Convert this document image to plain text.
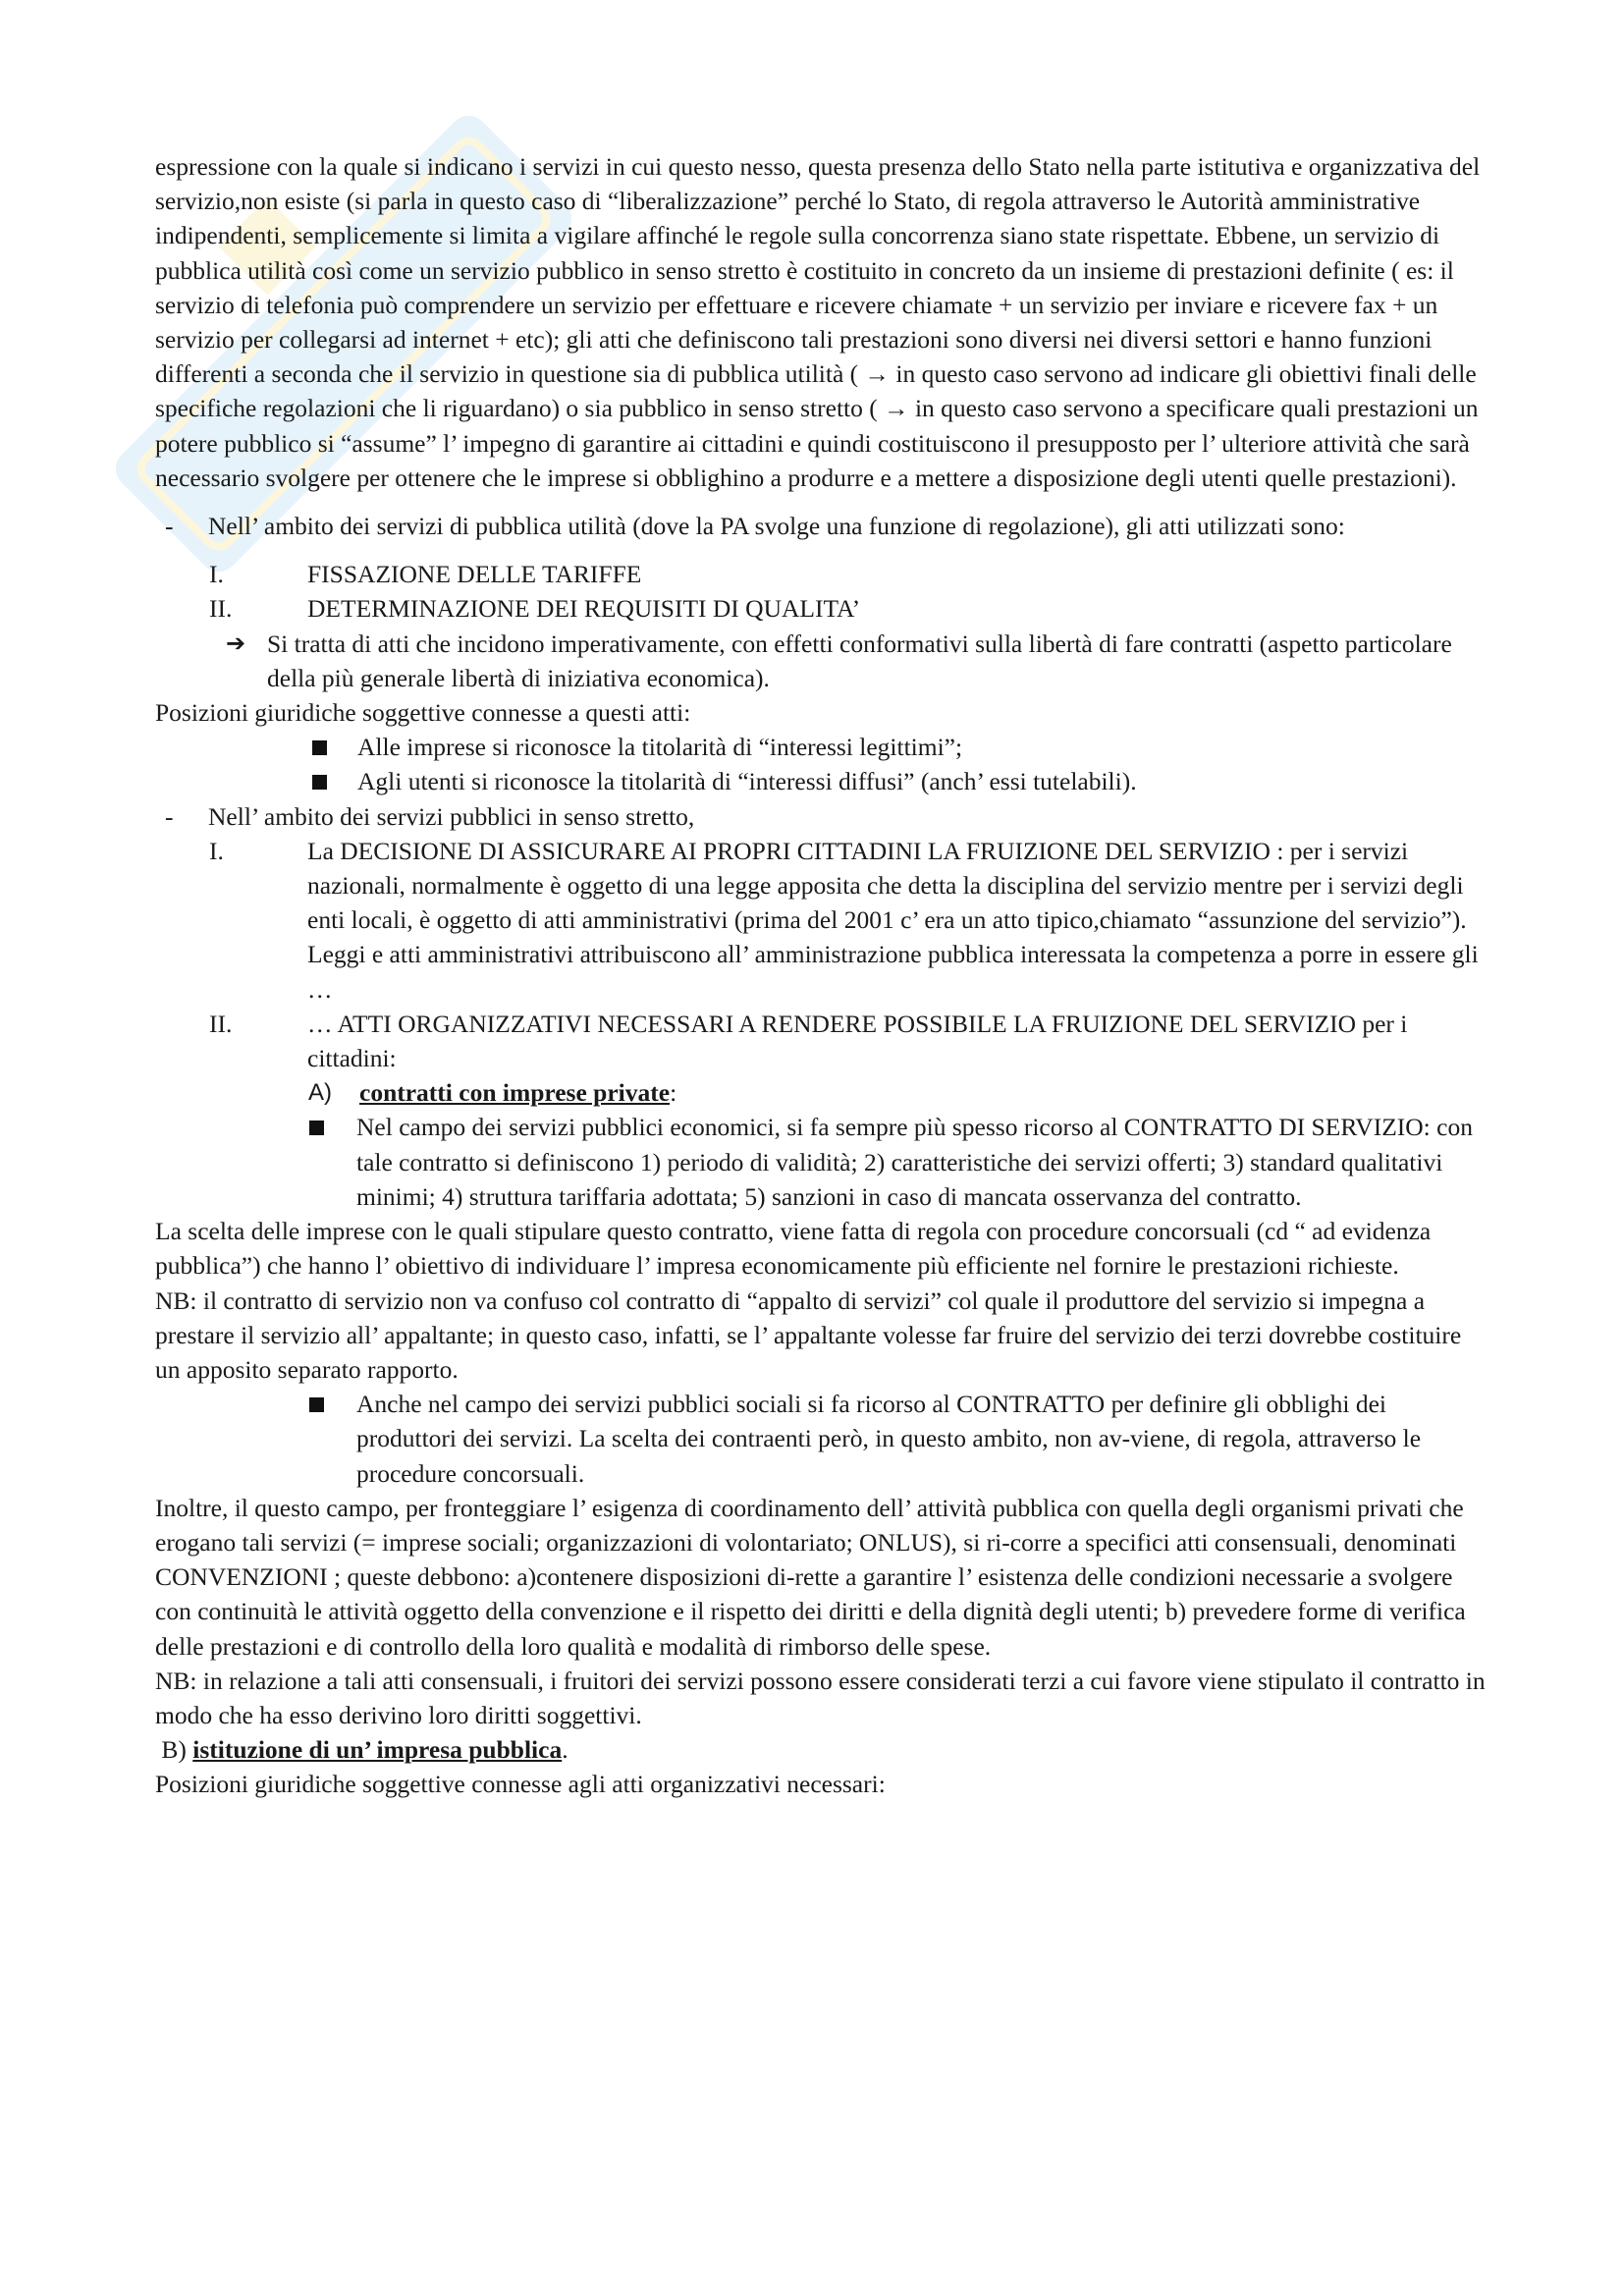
espressione con la quale si indicano i servizi in cui questo nesso, questa presenza dello Stato nella parte istitutiva e organizzativa del servizio,non esiste (si parla in questo caso di “liberalizzazione” perché lo Stato, di regola attraverso le Autorità amministrative indipendenti, semplicemente si limita a vigilare affinché le regole sulla concorrenza siano state rispettate. Ebbene, un servizio di pubblica utilità così come un servizio pubblico in senso stretto è costituito in concreto da un insieme di prestazioni definite ( es: il servizio di telefonia può comprendere un servizio per effettuare e ricevere chiamate + un servizio per inviare e ricevere fax + un servizio per collegarsi ad internet + etc); gli atti che definiscono tali prestazioni sono diversi nei diversi settori e hanno funzioni differenti a seconda che il servizio in questione sia di pubblica utilità ( → in questo caso servono ad indicare gli obiettivi finali delle specifiche regolazioni che li riguardano) o sia pubblico in senso stretto ( → in questo caso servono a specificare quali prestazioni un potere pubblico si “assume” l’ impegno di garantire ai cittadini e quindi costituiscono il presupposto per l’ ulteriore attività che sarà necessario svolgere per ottenere che le imprese si obblighino a produrre e a mettere a disposizione degli utenti quelle prestazioni).

-	Nell’ ambito dei servizi di pubblica utilità (dove la PA svolge una funzione di regolazione), gli atti utilizzati sono:
I.	FISSAZIONE DELLE TARIFFE
II.	DETERMINAZIONE DEI REQUISITI DI QUALITA’
➔ Si tratta di atti che incidono imperativamente, con effetti conformativi sulla libertà di fare contratti (aspetto particolare della più generale libertà di iniziativa economica).

Posizioni giuridiche soggettive connesse a questi atti:

Alle imprese si riconosce la titolarità di “interessi legittimi”;
Agli utenti si riconosce la titolarità di “interessi diffusi” (anch’ essi tutelabili).
-	Nell’ ambito dei servizi pubblici in senso stretto,
I.	La DECISIONE DI ASSICURARE AI PROPRI CITTADINI LA FRUIZIONE DEL SERVIZIO : per i servizi nazionali, normalmente è oggetto di una legge apposita che detta la disciplina del servizio mentre per i servizi degli enti locali, è oggetto di atti amministrativi (prima del 2001 c’ era un atto tipico,chiamato “assunzione del servizio”). Leggi e atti amministrativi attribuiscono all’ amministrazione pubblica interessata la competenza a porre in essere gli …
II.	… ATTI ORGANIZZATIVI NECESSARI A RENDERE POSSIBILE LA FRUIZIONE DEL SERVIZIO per i cittadini:
A)	contratti con imprese private:
Nel campo dei servizi pubblici economici, si fa sempre più spesso ricorso al CONTRATTO DI SERVIZIO: con tale contratto si definiscono 1) periodo di validità; 2) caratteristiche dei servizi offerti; 3) standard qualitativi minimi; 4) struttura tariffaria adottata; 5) sanzioni in caso di mancata osservanza del contratto.

La scelta delle imprese con le quali stipulare questo contratto, viene fatta di regola con procedure concorsuali (cd “ ad evidenza pubblica”) che hanno l’ obiettivo di individuare l’ impresa economicamente più efficiente nel fornire le prestazioni richieste.

NB: il contratto di servizio non va confuso col contratto di “appalto di servizi” col quale il produttore del servizio si impegna a prestare il servizio all’ appaltante; in questo caso, infatti, se l’ appaltante volesse far fruire del servizio dei terzi dovrebbe costituire un apposito separato rapporto.

Anche nel campo dei servizi pubblici sociali si fa ricorso al CONTRATTO per definire gli obblighi dei produttori dei servizi. La scelta dei contraenti però, in questo ambito, non av-viene, di regola, attraverso le procedure concorsuali.

Inoltre, il questo campo, per fronteggiare l’ esigenza di coordinamento dell’ attività pubblica con quella degli organismi privati che erogano tali servizi (= imprese sociali; organizzazioni di volontariato; ONLUS), si ri-corre a specifici atti consensuali, denominati CONVENZIONI ; queste debbono: a)contenere disposizioni di-rette a garantire l’ esistenza delle condizioni necessarie a svolgere con continuità le attività oggetto della convenzione e il rispetto dei diritti e della dignità degli utenti; b) prevedere forme di verifica delle prestazioni e di controllo della loro qualità e modalità di rimborso delle spese.

NB: in relazione a tali atti consensuali, i fruitori dei servizi possono essere considerati terzi a cui favore viene stipulato il contratto in modo che ha esso derivino loro diritti soggettivi.

B) istituzione di un’ impresa pubblica.

Posizioni giuridiche soggettive connesse agli atti organizzativi necessari:
